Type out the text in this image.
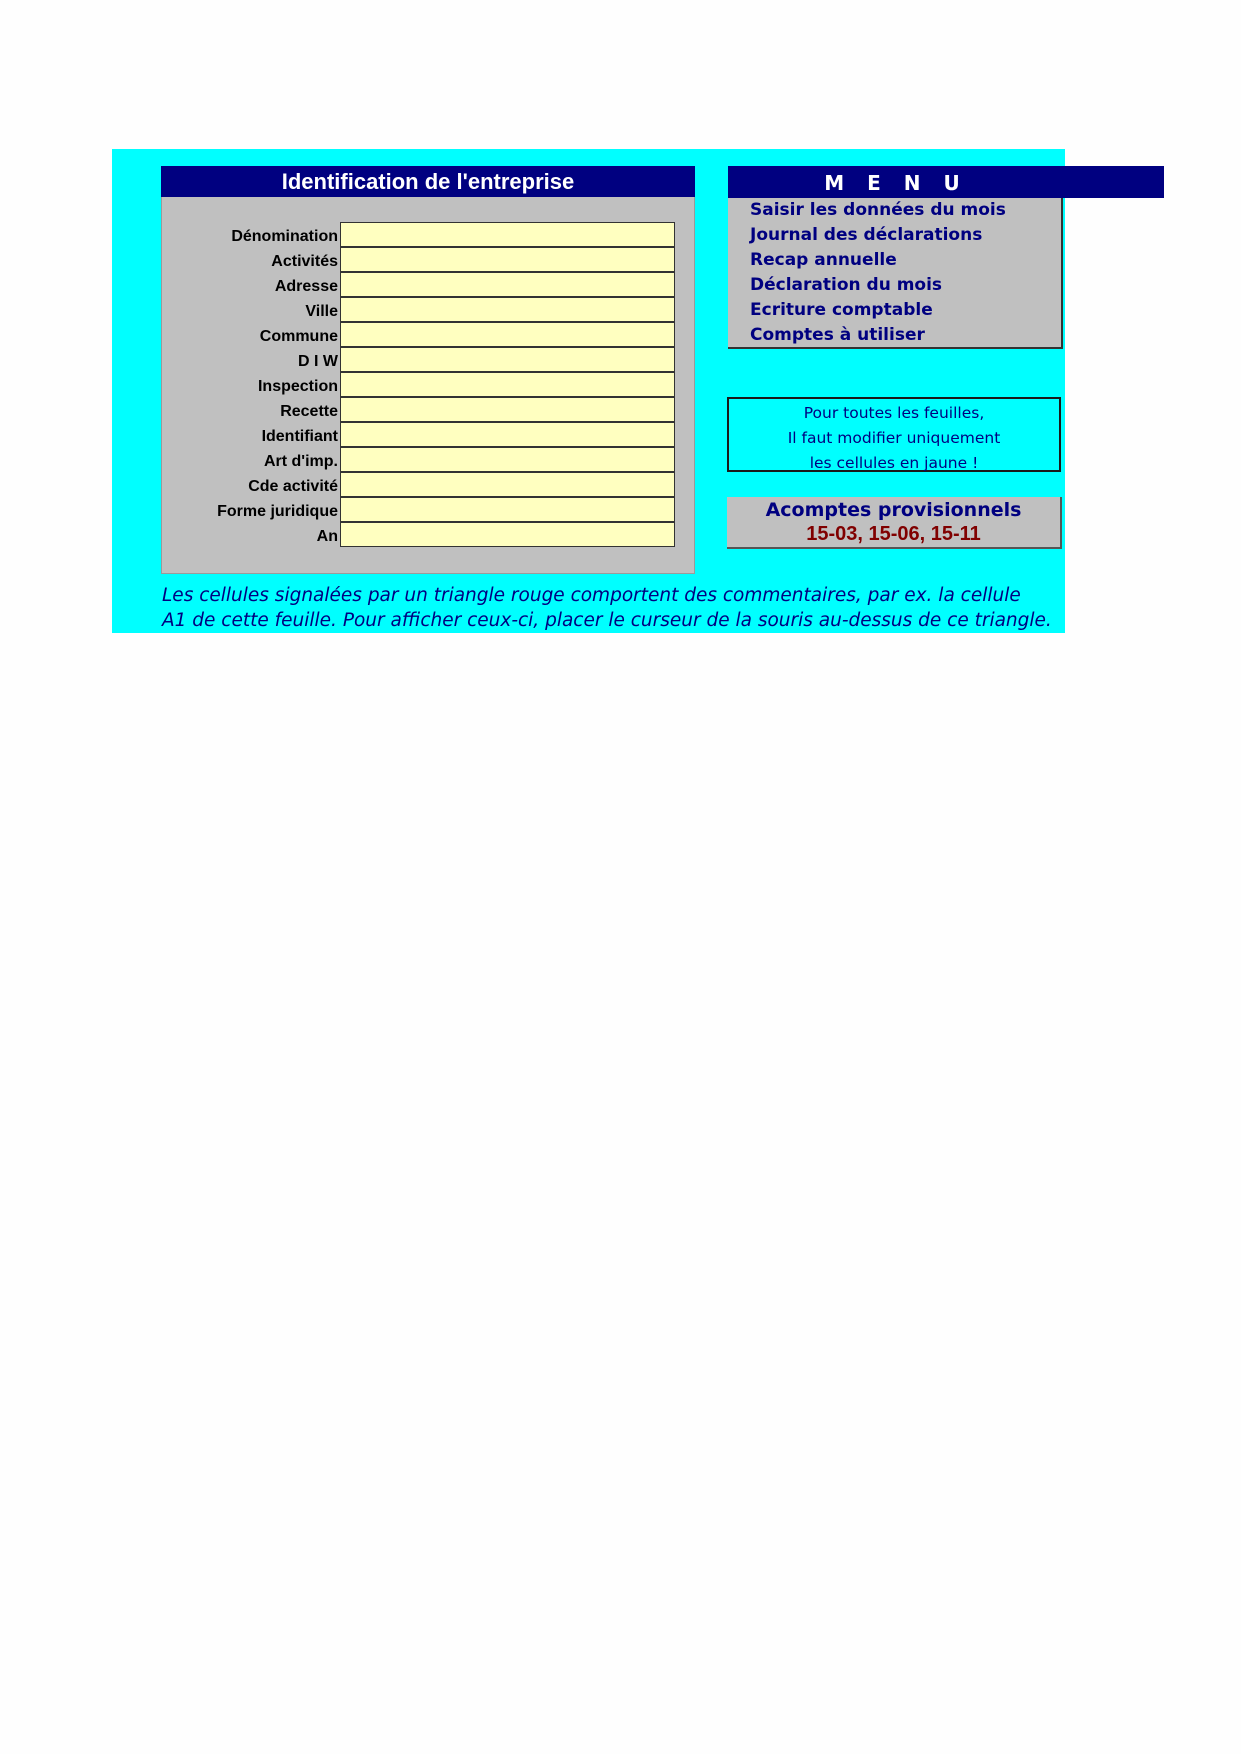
Identification de l'entreprise
Dénomination
Activités
Adresse
Ville
Commune
D I W
Inspection
Recette
Identifiant
Art d'imp.
Cde activité
Forme juridique
An
M E N U
Saisir les données du mois
Journal des déclarations
Recap annuelle
Déclaration du mois
Ecriture comptable
Comptes à utiliser
Pour toutes les feuilles,
Il faut modifier uniquement
les cellules en jaune !
Acomptes provisionnels
15-03, 15-06, 15-11
Les cellules signalées par un triangle rouge comportent des commentaires, par ex. la cellule
A1 de cette feuille. Pour afficher ceux-ci, placer le curseur de la souris au-dessus de ce triangle.
